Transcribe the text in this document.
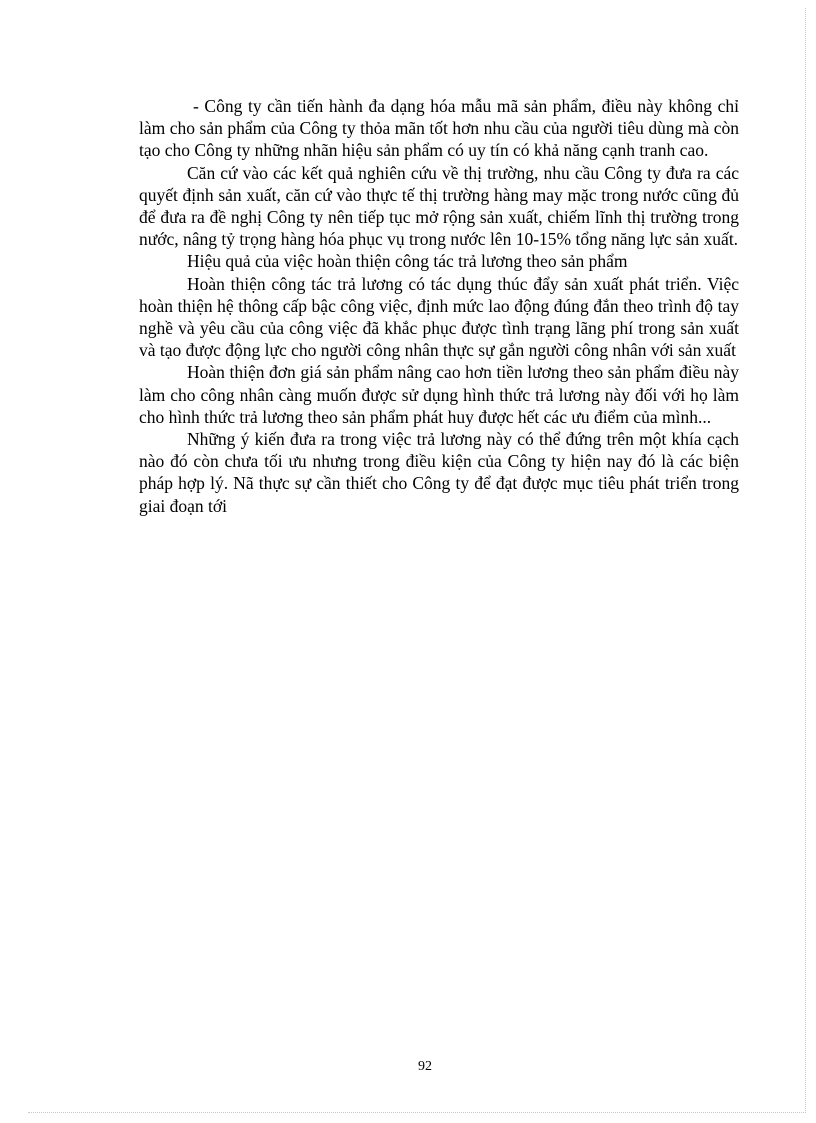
- Công ty cần tiến hành đa dạng hóa mẫu mã sản phẩm, điều này không chỉ làm cho sản phẩm của Công ty thỏa mãn tốt hơn nhu cầu của người tiêu dùng mà còn tạo cho Công ty những nhãn hiệu sản phẩm có uy tín có khả năng cạnh tranh cao.

Căn cứ vào các kết quả nghiên cứu về thị trường, nhu cầu Công ty đưa ra các quyết định sản xuất, căn cứ vào thực tế thị trường hàng may mặc trong nước cũng đủ để đưa ra đề nghị Công ty nên tiếp tục mở rộng sản xuất, chiếm lĩnh thị trường trong nước, nâng tỷ trọng hàng hóa phục vụ trong nước lên 10-15% tổng năng lực sản xuất.

Hiệu quả của việc hoàn thiện công tác trả lương theo sản phẩm

Hoàn thiện công tác trả lương có tác dụng thúc đẩy sản xuất phát triển. Việc hoàn thiện hệ thông cấp bậc công việc, định mức lao động đúng đắn theo trình độ tay nghề và yêu cầu của công việc đã khắc phục được tình trạng lãng phí trong sản xuất và tạo được động lực cho người công nhân thực sự gắn người công nhân với sản xuất

Hoàn thiện đơn giá sản phẩm nâng cao hơn tiền lương theo sản phẩm điều này làm cho công nhân càng muốn được sử dụng hình thức trả lương này đối với họ làm cho hình thức trả lương theo sản phẩm phát huy được hết các ưu điểm của mình...

Những ý kiến đưa ra trong việc trả lương này có thể đứng trên một khía cạch nào đó còn chưa tối ưu nhưng trong điều kiện của Công ty hiện nay đó là các biện pháp hợp lý. Nã thực sự cần thiết cho Công ty để đạt được mục tiêu phát triển trong giai đoạn tới

92
